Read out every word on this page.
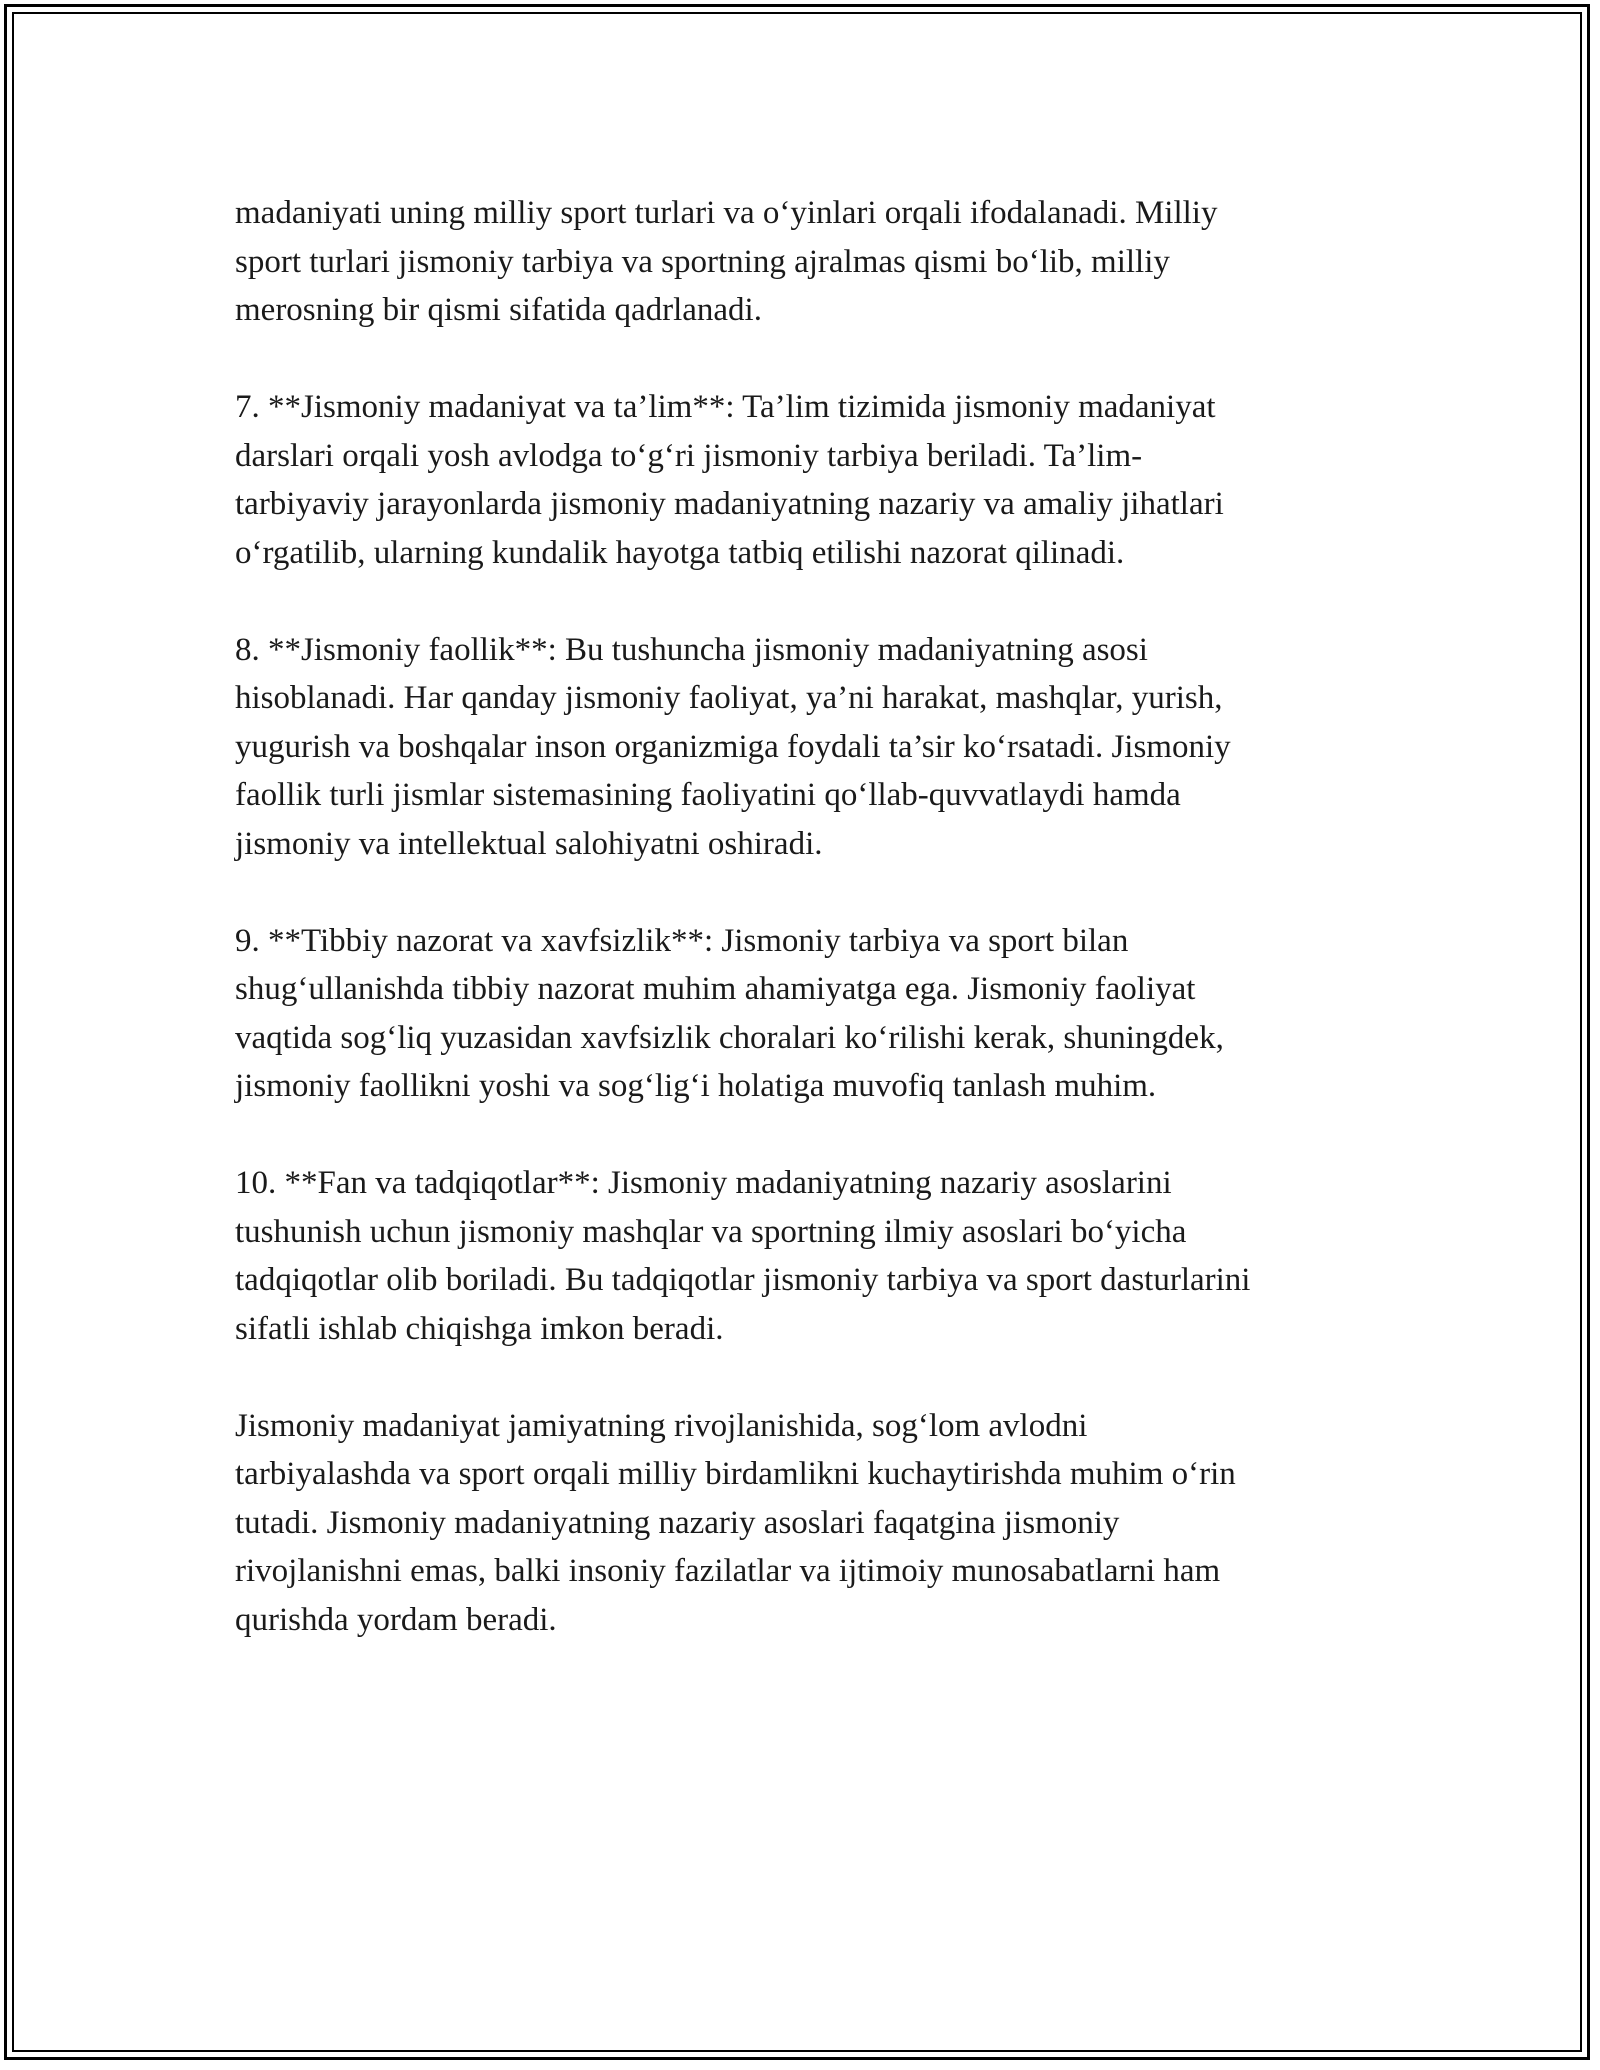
madaniyati uning milliy sport turlari va o‘yinlari orqali ifodalanadi. Milliy
sport turlari jismoniy tarbiya va sportning ajralmas qismi bo‘lib, milliy
merosning bir qismi sifatida qadrlanadi.

7. **Jismoniy madaniyat va ta’lim**: Ta’lim tizimida jismoniy madaniyat
darslari orqali yosh avlodga to‘g‘ri jismoniy tarbiya beriladi. Ta’lim-
tarbiyaviy jarayonlarda jismoniy madaniyatning nazariy va amaliy jihatlari
o‘rgatilib, ularning kundalik hayotga tatbiq etilishi nazorat qilinadi.

8. **Jismoniy faollik**: Bu tushuncha jismoniy madaniyatning asosi
hisoblanadi. Har qanday jismoniy faoliyat, ya’ni harakat, mashqlar, yurish,
yugurish va boshqalar inson organizmiga foydali ta’sir ko‘rsatadi. Jismoniy
faollik turli jismlar sistemasining faoliyatini qo‘llab-quvvatlaydi hamda
jismoniy va intellektual salohiyatni oshiradi.

9. **Tibbiy nazorat va xavfsizlik**: Jismoniy tarbiya va sport bilan
shug‘ullanishda tibbiy nazorat muhim ahamiyatga ega. Jismoniy faoliyat
vaqtida sog‘liq yuzasidan xavfsizlik choralari ko‘rilishi kerak, shuningdek,
jismoniy faollikni yoshi va sog‘lig‘i holatiga muvofiq tanlash muhim.

10. **Fan va tadqiqotlar**: Jismoniy madaniyatning nazariy asoslarini
tushunish uchun jismoniy mashqlar va sportning ilmiy asoslari bo‘yicha
tadqiqotlar olib boriladi. Bu tadqiqotlar jismoniy tarbiya va sport dasturlarini
sifatli ishlab chiqishga imkon beradi.

Jismoniy madaniyat jamiyatning rivojlanishida, sog‘lom avlodni
tarbiyalashda va sport orqali milliy birdamlikni kuchaytirishda muhim o‘rin
tutadi. Jismoniy madaniyatning nazariy asoslari faqatgina jismoniy
rivojlanishni emas, balki insoniy fazilatlar va ijtimoiy munosabatlarni ham
qurishda yordam beradi.
